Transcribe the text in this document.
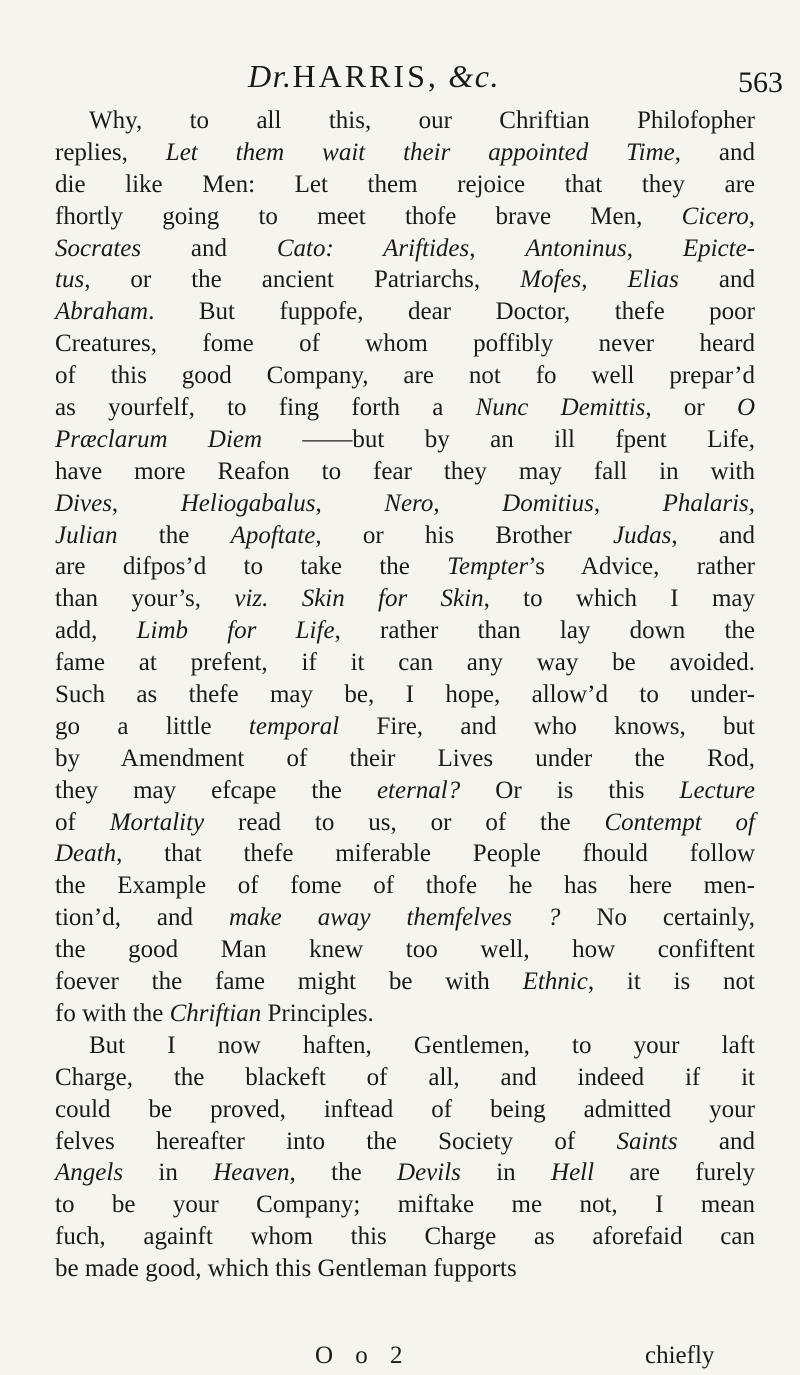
Dr.HARRIS, &c.	563
Why, to all this, our Chriftian Philofopher
replies, Let them wait their appointed Time, and
die like Men: Let them rejoice that they are
fhortly going to meet thofe brave Men, Cicero,
Socrates and Cato: Ariftides, Antoninus, Epicte-
tus, or the ancient Patriarchs, Mofes, Elias and
Abraham. But fuppofe, dear Doctor, thefe poor
Creatures, fome of whom poffibly never heard
of this good Company, are not fo well prepar’d
as yourfelf, to fing forth a Nunc Demittis, or O
Præclarum Diem ——but by an ill fpent Life,
have more Reafon to fear they may fall in with
Dives, Heliogabalus, Nero, Domitius, Phalaris,
Julian the Apoftate, or his Brother Judas, and
are difpos’d to take the Tempter’s Advice, rather
than your’s, viz. Skin for Skin, to which I may
add, Limb for Life, rather than lay down the
fame at prefent, if it can any way be avoided.
Such as thefe may be, I hope, allow’d to under-
go a little temporal Fire, and who knows, but
by Amendment of their Lives under the Rod,
they may efcape the eternal? Or is this Lecture
of Mortality read to us, or of the Contempt of
Death, that thefe miferable People fhould follow
the Example of fome of thofe he has here men-
tion’d, and make away themfelves ? No certainly,
the good Man knew too well, how confiftent
foever the fame might be with Ethnic, it is not
fo with the Chriftian Principles.
But I now haften, Gentlemen, to your laft
Charge, the blackeft of all, and indeed if it
could be proved, inftead of being admitted your
felves hereafter into the Society of Saints and
Angels in Heaven, the Devils in Hell are furely
to be your Company; miftake me not, I mean
fuch, againft whom this Charge as aforefaid can
be made good, which this Gentleman fupports
O o 2	chiefly
